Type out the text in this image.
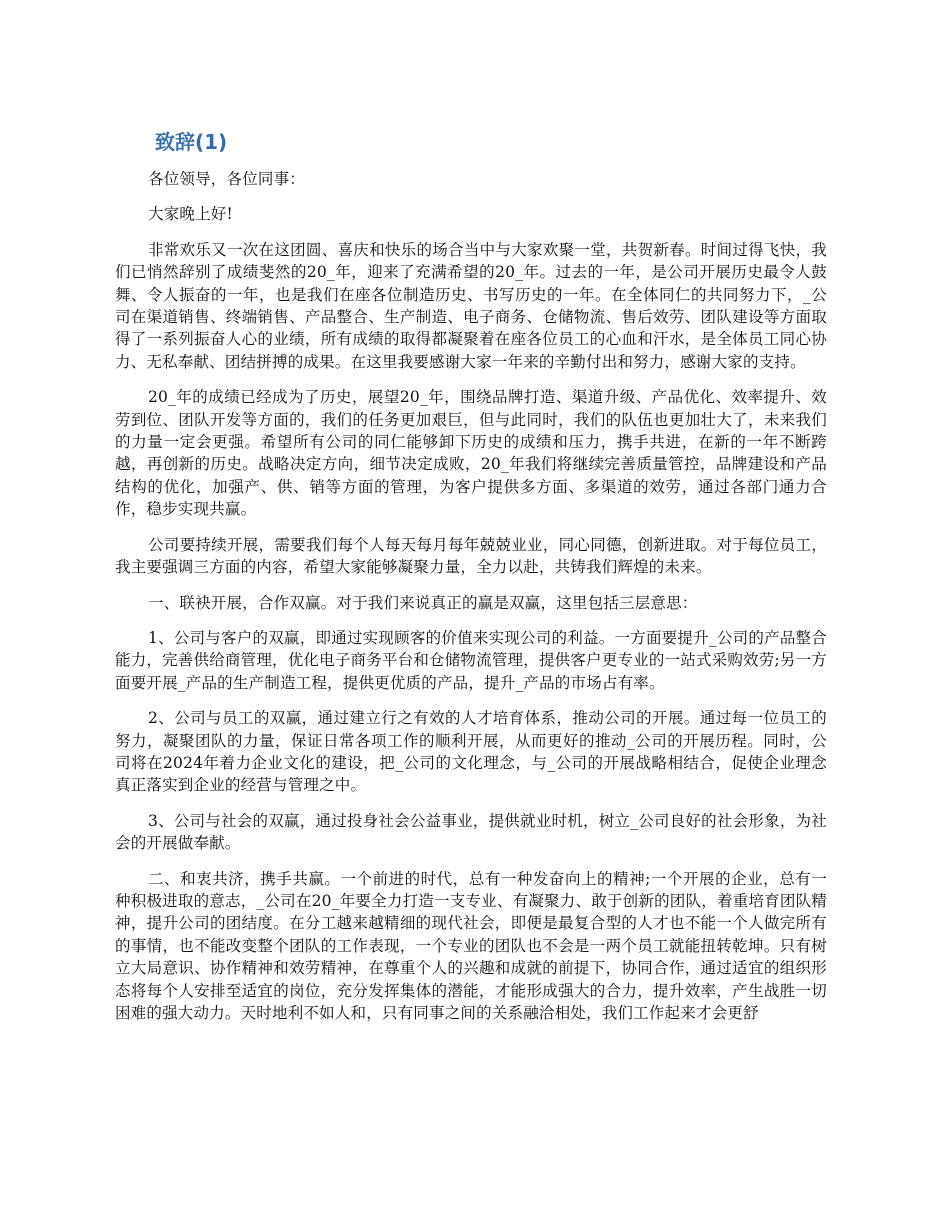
致辞(1)

各位领导，各位同事：

大家晚上好!

非常欢乐又一次在这团圆、喜庆和快乐的场合当中与大家欢聚一堂，共贺新春。时间过得飞快，我们已悄然辞别了成绩斐然的20_年，迎来了充满希望的20_年。过去的一年，是公司开展历史最令人鼓舞、令人振奋的一年，也是我们在座各位制造历史、书写历史的一年。在全体同仁的共同努力下，_公司在渠道销售、终端销售、产品整合、生产制造、电子商务、仓储物流、售后效劳、团队建设等方面取得了一系列振奋人心的业绩，所有成绩的取得都凝聚着在座各位员工的心血和汗水，是全体员工同心协力、无私奉献、团结拼搏的成果。在这里我要感谢大家一年来的辛勤付出和努力，感谢大家的支持。

20_年的成绩已经成为了历史，展望20_年，围绕品牌打造、渠道升级、产品优化、效率提升、效劳到位、团队开发等方面的，我们的任务更加艰巨，但与此同时，我们的队伍也更加壮大了，未来我们的力量一定会更强。希望所有公司的同仁能够卸下历史的成绩和压力，携手共进，在新的一年不断跨越，再创新的历史。战略决定方向，细节决定成败，20_年我们将继续完善质量管控，品牌建设和产品结构的优化，加强产、供、销等方面的管理，为客户提供多方面、多渠道的效劳，通过各部门通力合作，稳步实现共赢。

公司要持续开展，需要我们每个人每天每月每年兢兢业业，同心同德，创新进取。对于每位员工，我主要强调三方面的内容，希望大家能够凝聚力量，全力以赴，共铸我们辉煌的未来。

一、联袂开展，合作双赢。对于我们来说真正的赢是双赢，这里包括三层意思：

1、公司与客户的双赢，即通过实现顾客的价值来实现公司的利益。一方面要提升_公司的产品整合能力，完善供给商管理，优化电子商务平台和仓储物流管理，提供客户更专业的一站式采购效劳;另一方面要开展_产品的生产制造工程，提供更优质的产品，提升_产品的市场占有率。

2、公司与员工的双赢，通过建立行之有效的人才培育体系，推动公司的开展。通过每一位员工的努力，凝聚团队的力量，保证日常各项工作的顺利开展，从而更好的推动_公司的开展历程。同时，公司将在2024年着力企业文化的建设，把_公司的文化理念，与_公司的开展战略相结合，促使企业理念真正落实到企业的经营与管理之中。

3、公司与社会的双赢，通过投身社会公益事业，提供就业时机，树立_公司良好的社会形象，为社会的开展做奉献。

二、和衷共济，携手共赢。一个前进的时代，总有一种发奋向上的精神;一个开展的企业，总有一种积极进取的意志，_公司在20_年要全力打造一支专业、有凝聚力、敢于创新的团队，着重培育团队精神，提升公司的团结度。在分工越来越精细的现代社会，即便是最复合型的人才也不能一个人做完所有的事情，也不能改变整个团队的工作表现，一个专业的团队也不会是一两个员工就能扭转乾坤。只有树立大局意识、协作精神和效劳精神，在尊重个人的兴趣和成就的前提下，协同合作，通过适宜的组织形态将每个人安排至适宜的岗位，充分发挥集体的潜能，才能形成强大的合力，提升效率，产生战胜一切困难的强大动力。天时地利不如人和，只有同事之间的关系融洽相处，我们工作起来才会更舒
